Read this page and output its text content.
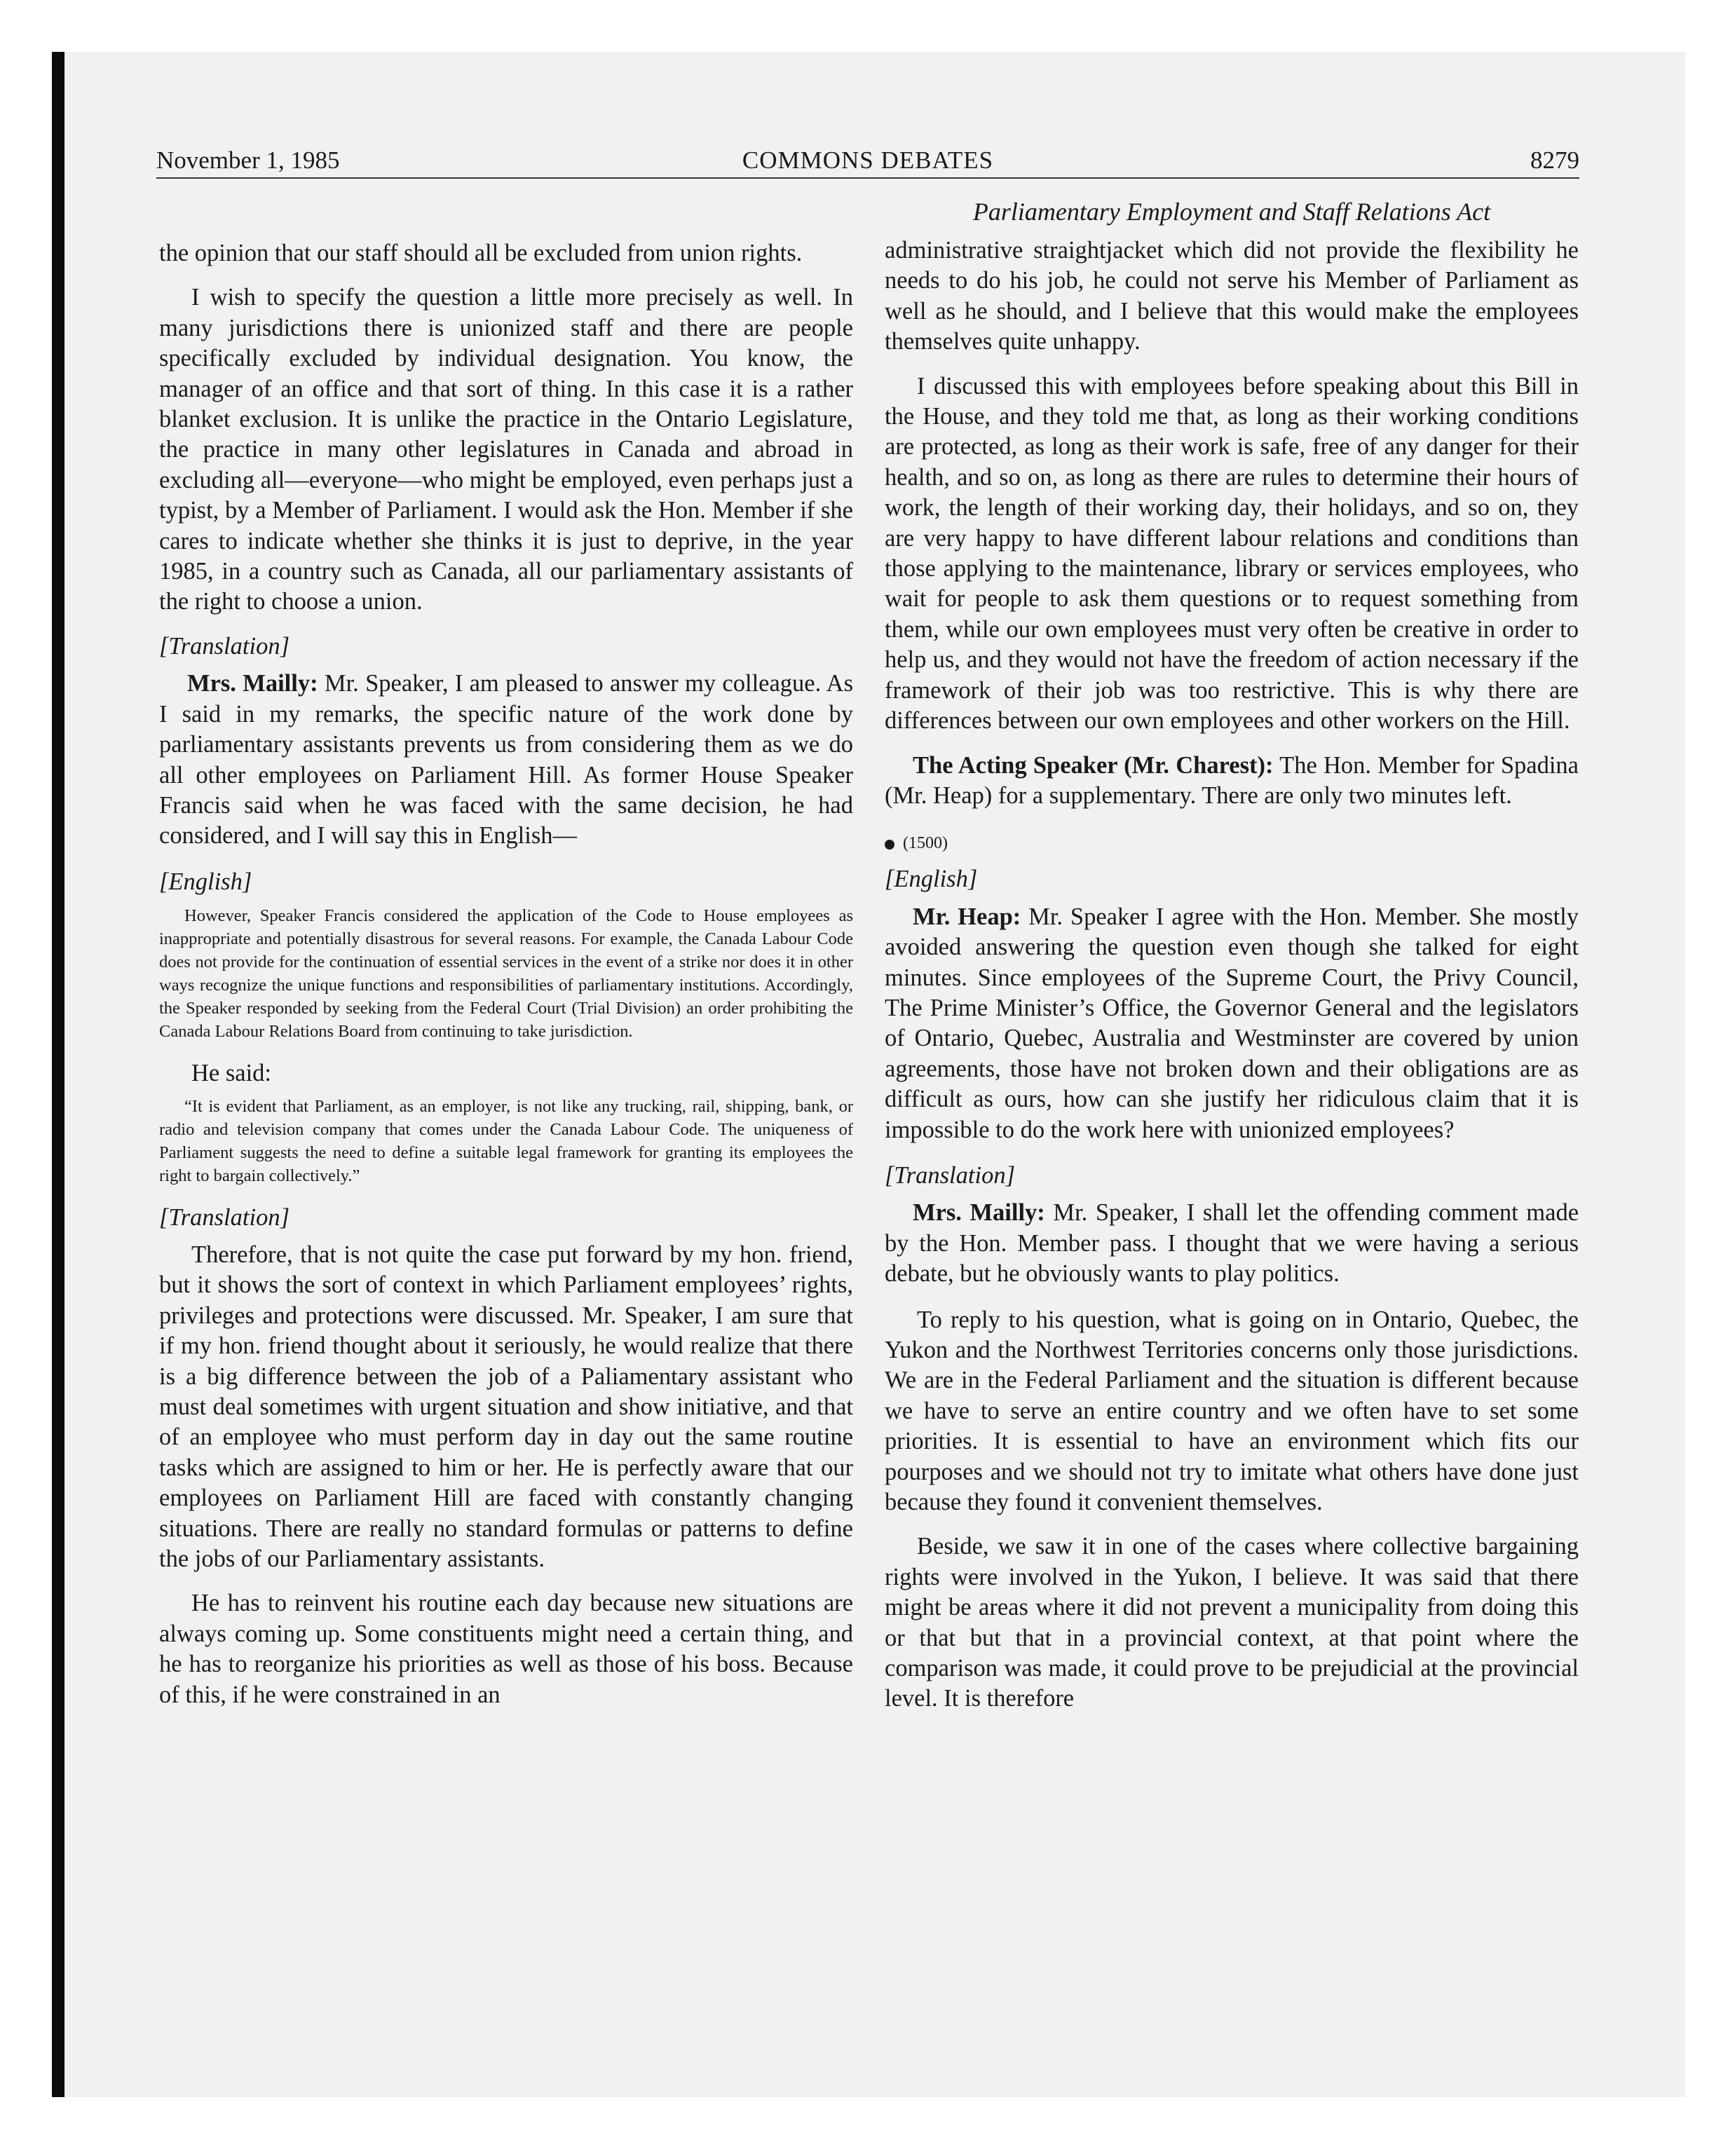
November 1, 1985	COMMONS DEBATES	8279
Parliamentary Employment and Staff Relations Act

the opinion that our staff should all be excluded from union rights.

I wish to specify the question a little more precisely as well. In many jurisdictions there is unionized staff and there are people specifically excluded by individual designation. You know, the manager of an office and that sort of thing. In this case it is a rather blanket exclusion. It is unlike the practice in the Ontario Legislature, the practice in many other legislatures in Canada and abroad in excluding all—everyone—who might be employed, even perhaps just a typist, by a Member of Parliament. I would ask the Hon. Member if she cares to indicate whether she thinks it is just to deprive, in the year 1985, in a country such as Canada, all our parliamentary assistants of the right to choose a union.

[Translation]

Mrs. Mailly: Mr. Speaker, I am pleased to answer my colleague. As I said in my remarks, the specific nature of the work done by parliamentary assistants prevents us from considering them as we do all other employees on Parliament Hill. As former House Speaker Francis said when he was faced with the same decision, he had considered, and I will say this in English—

[English]

However, Speaker Francis considered the application of the Code to House employees as inappropriate and potentially disastrous for several reasons. For example, the Canada Labour Code does not provide for the continuation of essential services in the event of a strike nor does it in other ways recognize the unique functions and responsibilities of parliamentary institutions. Accordingly, the Speaker responded by seeking from the Federal Court (Trial Division) an order prohibiting the Canada Labour Relations Board from continuing to take jurisdiction.

He said:

“It is evident that Parliament, as an employer, is not like any trucking, rail, shipping, bank, or radio and television company that comes under the Canada Labour Code. The uniqueness of Parliament suggests the need to define a suitable legal framework for granting its employees the right to bargain collectively.”

[Translation]

Therefore, that is not quite the case put forward by my hon. friend, but it shows the sort of context in which Parliament employees’ rights, privileges and protections were discussed. Mr. Speaker, I am sure that if my hon. friend thought about it seriously, he would realize that there is a big difference between the job of a Paliamentary assistant who must deal sometimes with urgent situation and show initiative, and that of an employee who must perform day in day out the same routine tasks which are assigned to him or her. He is perfectly aware that our employees on Parliament Hill are faced with constantly changing situations. There are really no standard formulas or patterns to define the jobs of our Parliamentary assistants.

He has to reinvent his routine each day because new situations are always coming up. Some constituents might need a certain thing, and he has to reorganize his priorities as well as those of his boss. Because of this, if he were constrained in an

administrative straightjacket which did not provide the flexibility he needs to do his job, he could not serve his Member of Parliament as well as he should, and I believe that this would make the employees themselves quite unhappy.

I discussed this with employees before speaking about this Bill in the House, and they told me that, as long as their working conditions are protected, as long as their work is safe, free of any danger for their health, and so on, as long as there are rules to determine their hours of work, the length of their working day, their holidays, and so on, they are very happy to have different labour relations and conditions than those applying to the maintenance, library or services employees, who wait for people to ask them questions or to request something from them, while our own employees must very often be creative in order to help us, and they would not have the freedom of action necessary if the framework of their job was too restrictive. This is why there are differences between our own employees and other workers on the Hill.

The Acting Speaker (Mr. Charest): The Hon. Member for Spadina (Mr. Heap) for a supplementary. There are only two minutes left.

(1500)
[English]

Mr. Heap: Mr. Speaker I agree with the Hon. Member. She mostly avoided answering the question even though she talked for eight minutes. Since employees of the Supreme Court, the Privy Council, The Prime Minister’s Office, the Governor General and the legislators of Ontario, Quebec, Australia and Westminster are covered by union agreements, those have not broken down and their obligations are as difficult as ours, how can she justify her ridiculous claim that it is impossible to do the work here with unionized employees?

[Translation]

Mrs. Mailly: Mr. Speaker, I shall let the offending comment made by the Hon. Member pass. I thought that we were having a serious debate, but he obviously wants to play politics.

To reply to his question, what is going on in Ontario, Quebec, the Yukon and the Northwest Territories concerns only those jurisdictions. We are in the Federal Parliament and the situation is different because we have to serve an entire country and we often have to set some priorities. It is essential to have an environment which fits our pourposes and we should not try to imitate what others have done just because they found it convenient themselves.

Beside, we saw it in one of the cases where collective bargaining rights were involved in the Yukon, I believe. It was said that there might be areas where it did not prevent a municipality from doing this or that but that in a provincial context, at that point where the comparison was made, it could prove to be prejudicial at the provincial level. It is therefore
